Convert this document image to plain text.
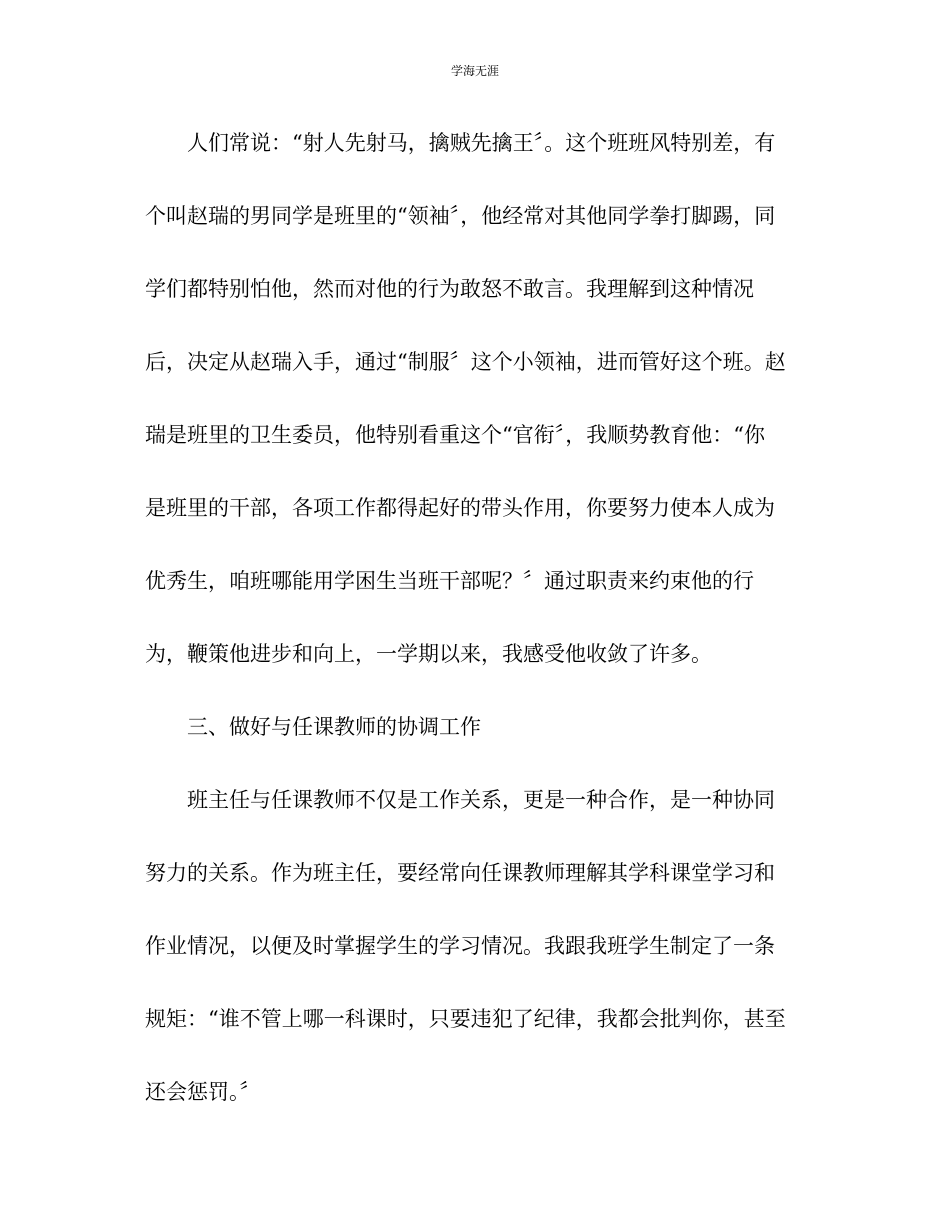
学海无涯
人们常说：“射人先射马，擒贼先擒王〞。这个班班风特别差，有
个叫赵瑞的男同学是班里的“领袖〞，他经常对其他同学拳打脚踢，同
学们都特别怕他，然而对他的行为敢怒不敢言。我理解到这种情况
后，决定从赵瑞入手，通过“制服〞这个小领袖，进而管好这个班。赵
瑞是班里的卫生委员，他特别看重这个“官衔〞，我顺势教育他：“你
是班里的干部，各项工作都得起好的带头作用，你要努力使本人成为
优秀生，咱班哪能用学困生当班干部呢？〞通过职责来约束他的行
为，鞭策他进步和向上，一学期以来，我感受他收敛了许多。
三、做好与任课教师的协调工作
班主任与任课教师不仅是工作关系，更是一种合作，是一种协同
努力的关系。作为班主任，要经常向任课教师理解其学科课堂学习和
作业情况，以便及时掌握学生的学习情况。我跟我班学生制定了一条
规矩：“谁不管上哪一科课时，只要违犯了纪律，我都会批判你，甚至
还会惩罚。〞
